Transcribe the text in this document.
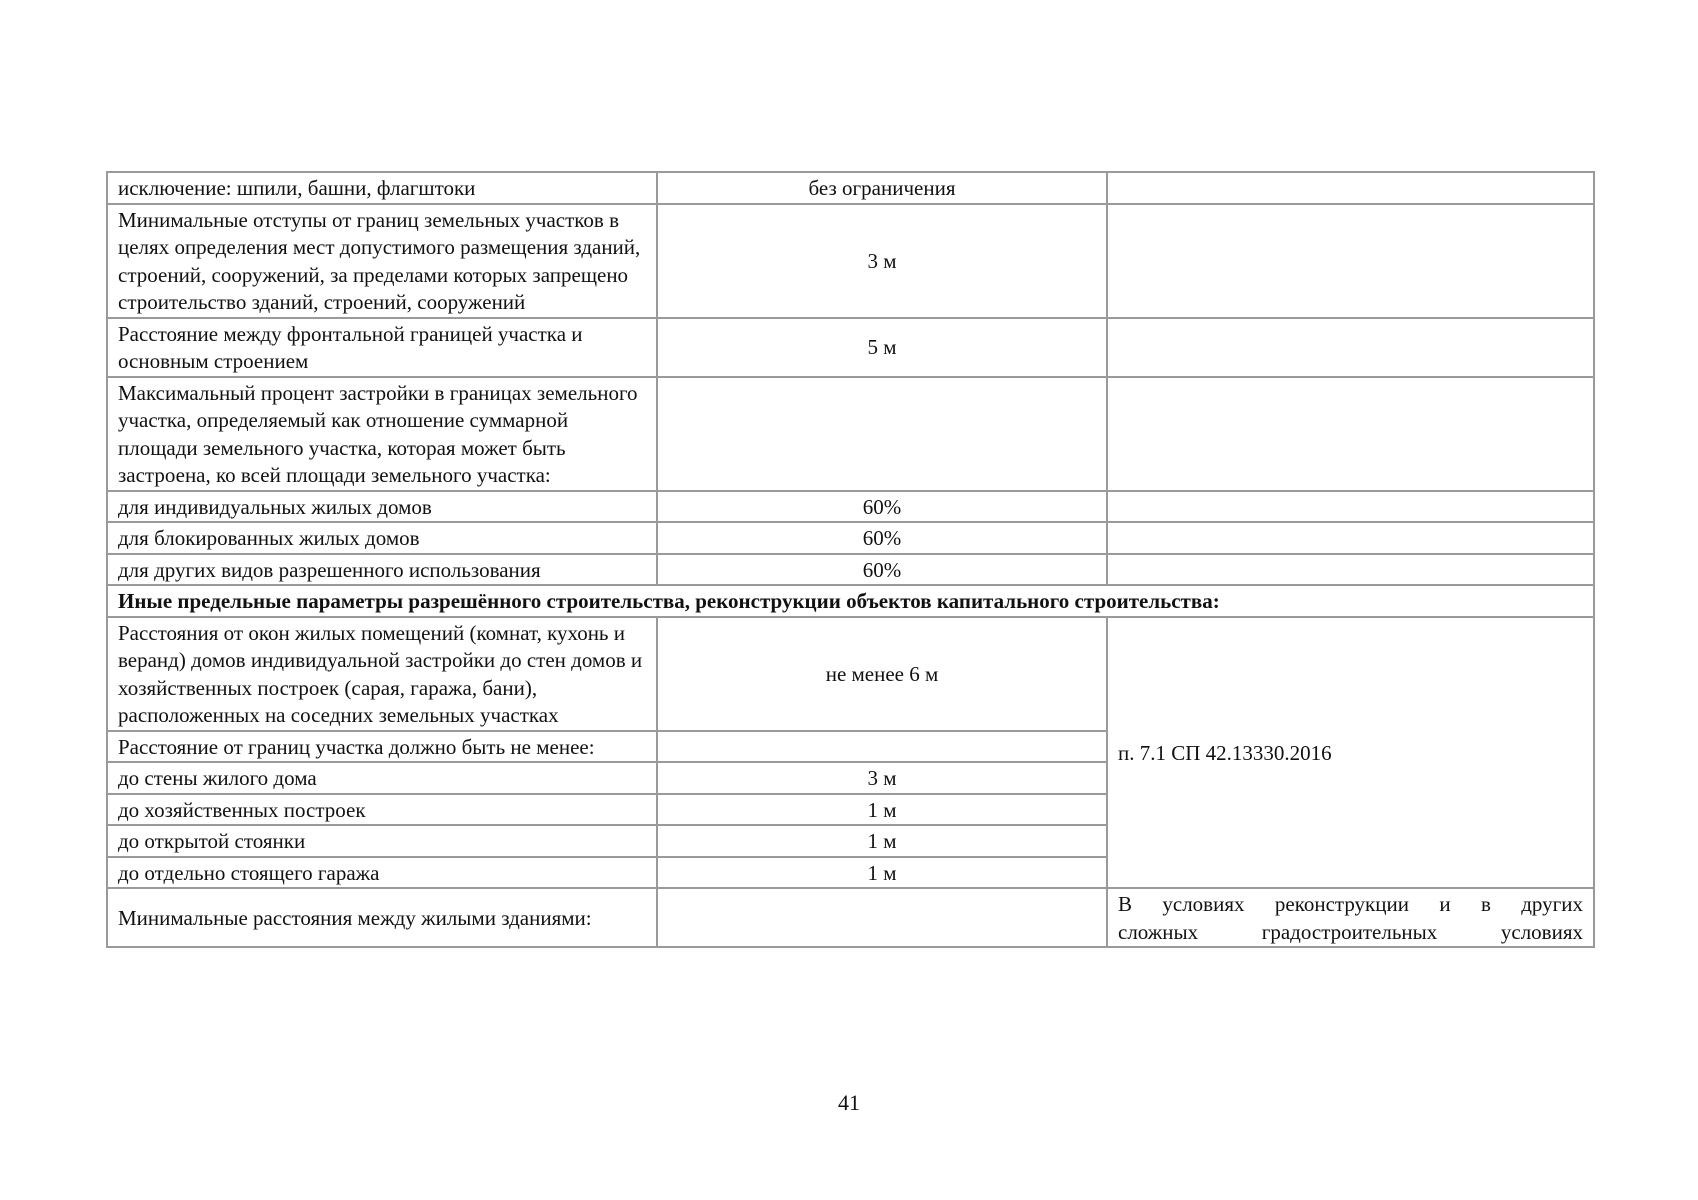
исключение: шпили, башни, флагштоки	без ограничения	
Минимальные отступы от границ земельных участков в целях определения мест допустимого размещения зданий, строений, сооружений, за пределами которых запрещено строительство зданий, строений, сооружений	3 м	
Расстояние между фронтальной границей участка и основным строением	5 м	
Максимальный процент застройки в границах земельного участка, определяемый как отношение суммарной площади земельного участка, которая может быть застроена, ко всей площади земельного участка:		
для индивидуальных жилых домов	60%	
для блокированных жилых домов	60%	
для других видов разрешенного использования	60%	
Иные предельные параметры разрешённого строительства, реконструкции объектов капитального строительства:		
Расстояния от окон жилых помещений (комнат, кухонь и веранд) домов индивидуальной застройки до стен домов и хозяйственных построек (сарая, гаража, бани), расположенных на соседних земельных участках	не менее 6 м	п. 7.1 СП 42.13330.2016
Расстояние от границ участка должно быть не менее:		
до стены жилого дома	3 м	
до хозяйственных построек	1 м	
до открытой стоянки	1 м	
до отдельно стоящего гаража	1 м	
Минимальные расстояния между жилыми зданиями:		В условиях реконструкции и в других
сложных градостроительных условиях
41
